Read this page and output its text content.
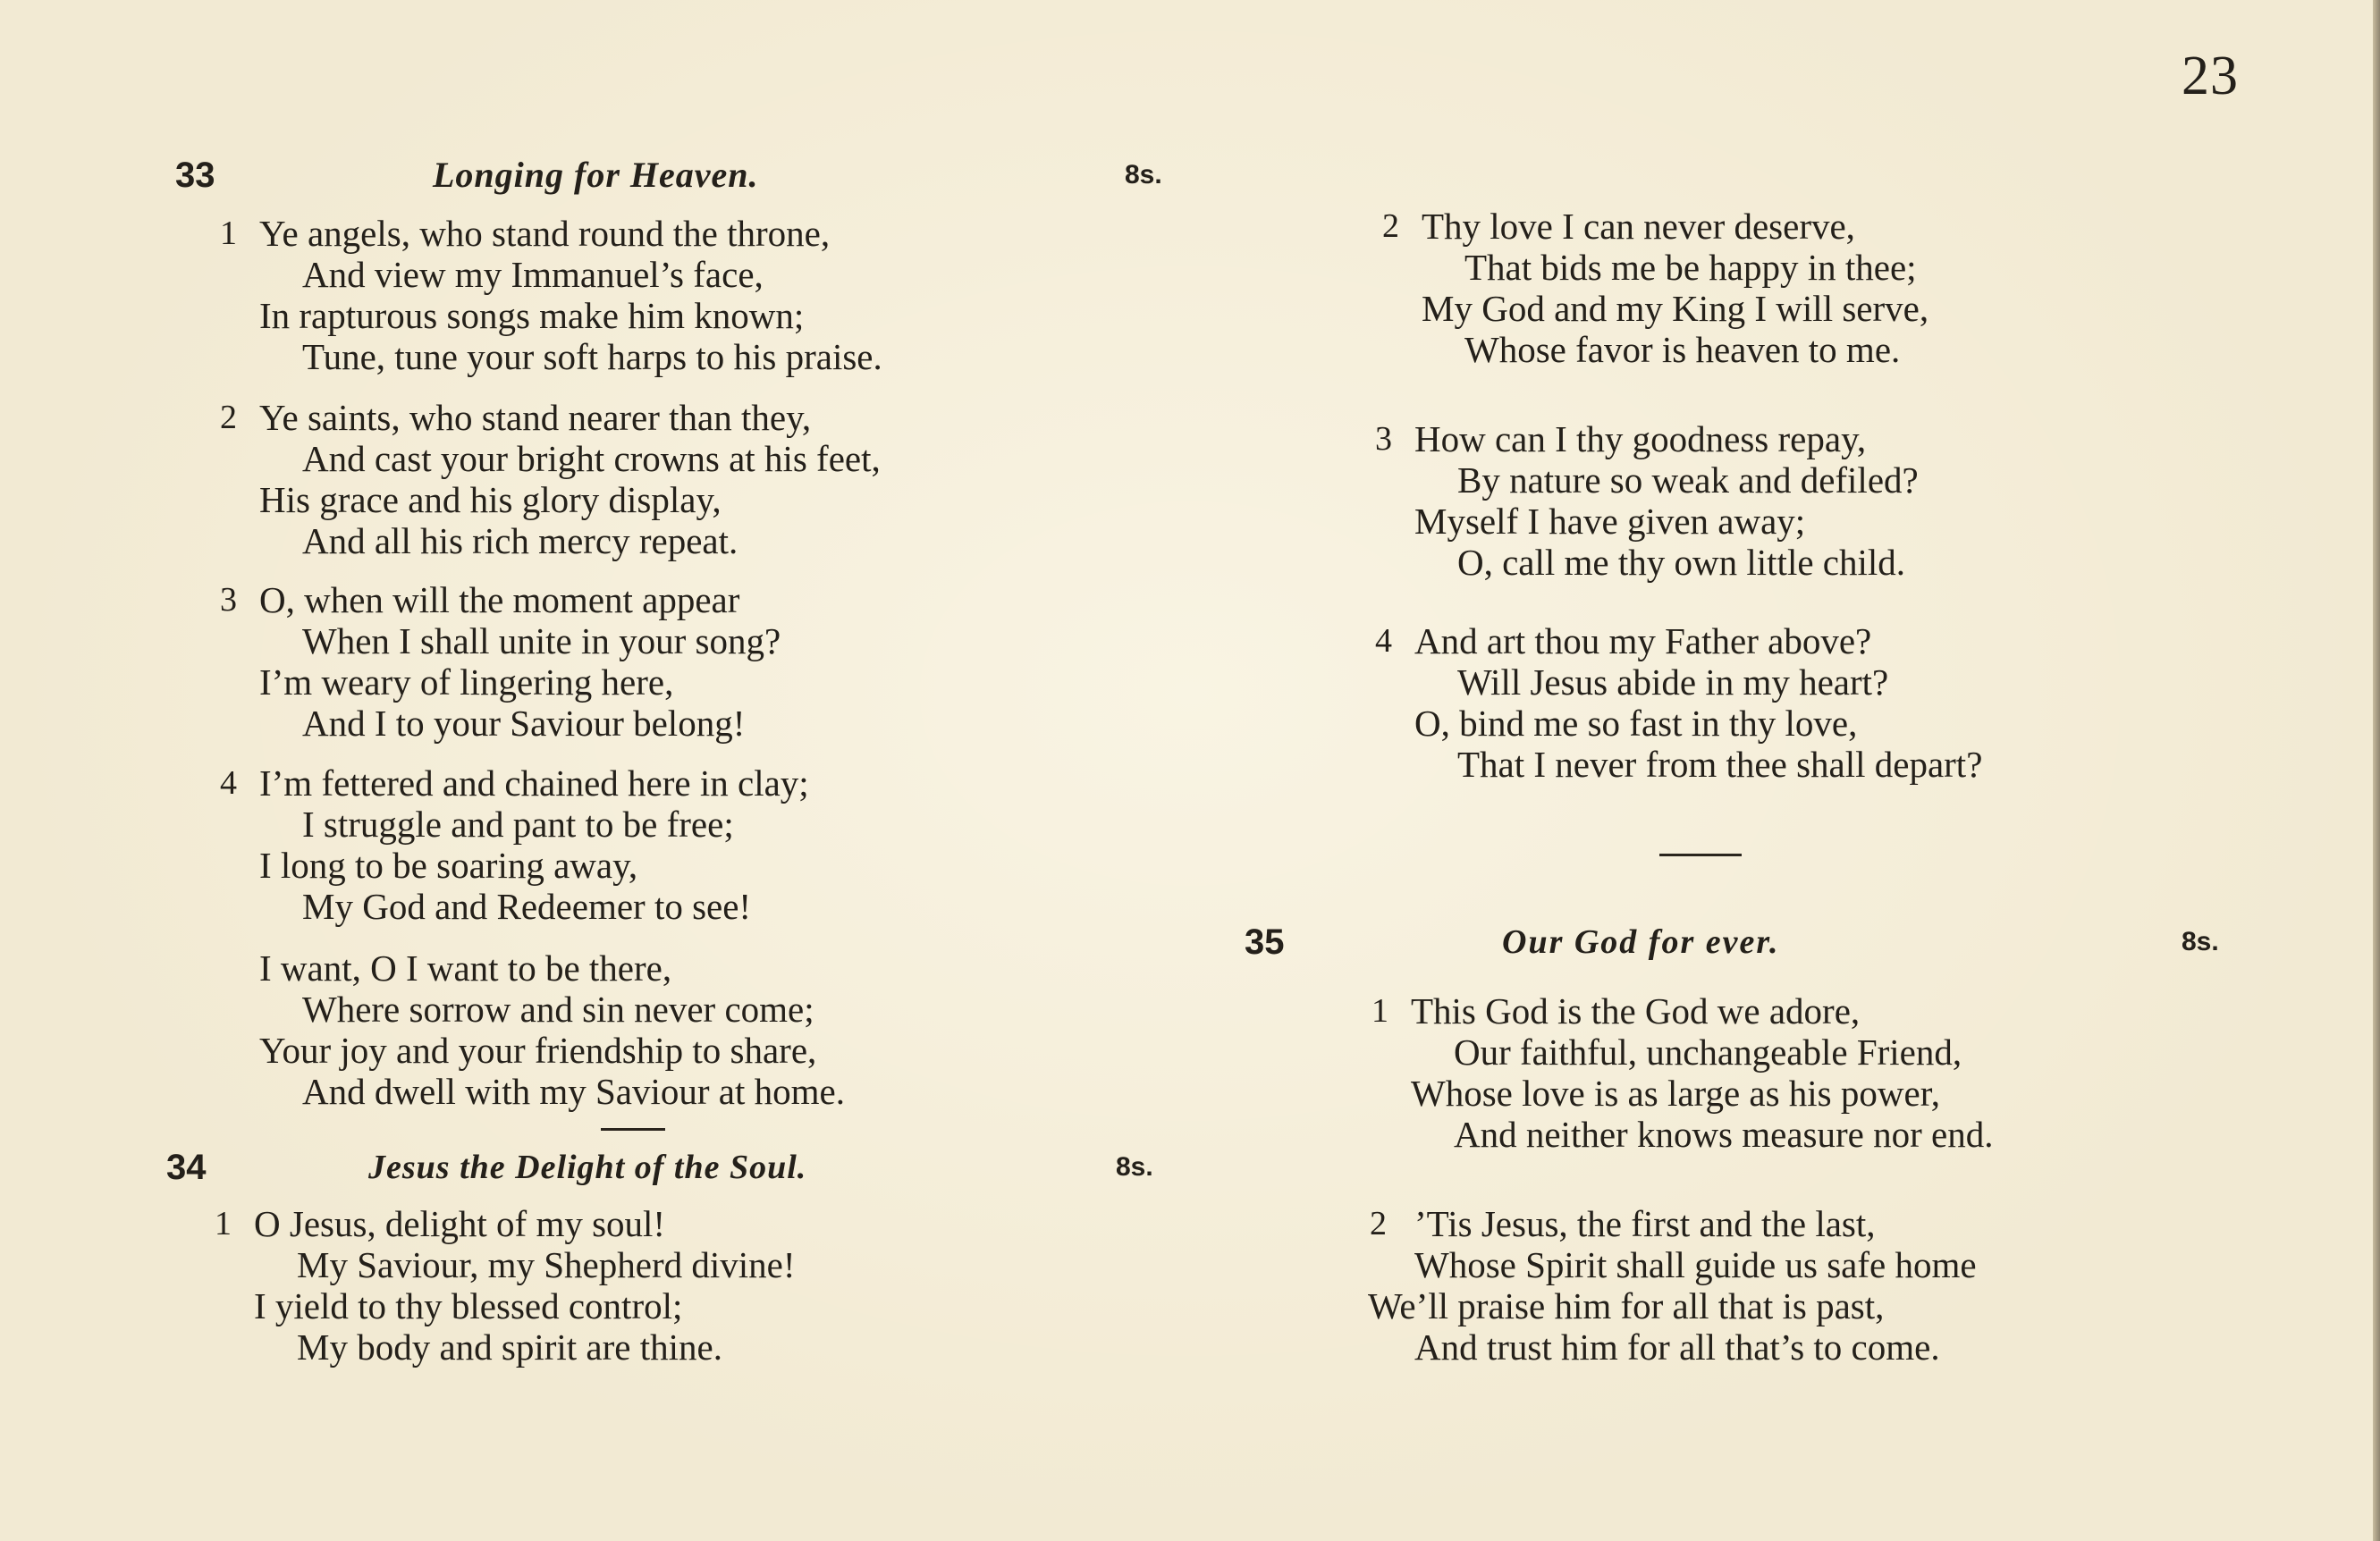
23
33	Longing for Heaven.	8s.
1 Ye angels, who stand round the throne,
And view my Immanuel’s face,
In rapturous songs make him known;
Tune, tune your soft harps to his praise.
2 Ye saints, who stand nearer than they,
And cast your bright crowns at his feet,
His grace and his glory display,
And all his rich mercy repeat.
3 O, when will the moment appear
When I shall unite in your song?
I’m weary of lingering here,
And I to your Saviour belong!
4 I’m fettered and chained here in clay;
I struggle and pant to be free;
I long to be soaring away,
My God and Redeemer to see!
I want, O I want to be there,
Where sorrow and sin never come;
Your joy and your friendship to share,
And dwell with my Saviour at home.
34	Jesus the Delight of the Soul.	8s.
1 O Jesus, delight of my soul!
My Saviour, my Shepherd divine!
I yield to thy blessed control;
My body and spirit are thine.
2 Thy love I can never deserve,
That bids me be happy in thee;
My God and my King I will serve,
Whose favor is heaven to me.
3 How can I thy goodness repay,
By nature so weak and defiled?
Myself I have given away;
O, call me thy own little child.
4 And art thou my Father above?
Will Jesus abide in my heart?
O, bind me so fast in thy love,
That I never from thee shall depart?
35	Our God for ever.	8s.
1 This God is the God we adore,
Our faithful, unchangeable Friend,
Whose love is as large as his power,
And neither knows measure nor end.
2 ’Tis Jesus, the first and the last,
Whose Spirit shall guide us safe home
We’ll praise him for all that is past,
And trust him for all that’s to come.
